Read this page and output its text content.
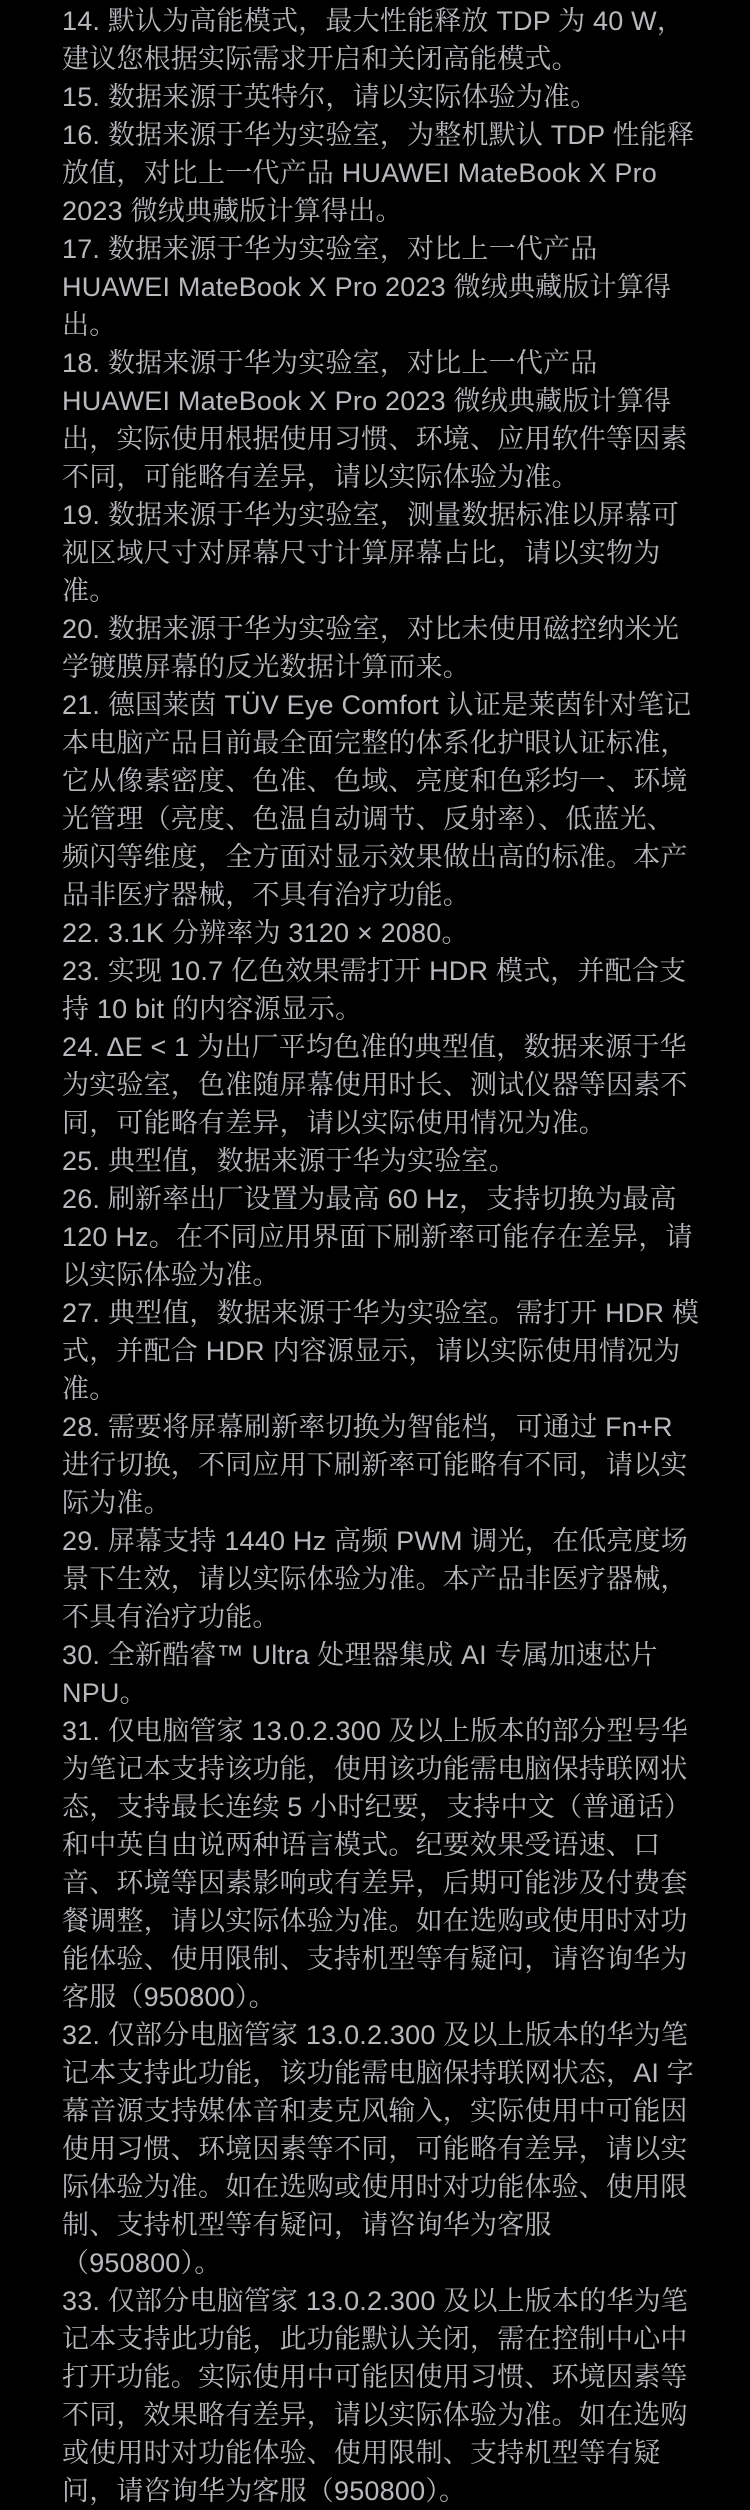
14. 默认为高能模式，最大性能释放 TDP 为 40 W，建议您根据实际需求开启和关闭高能模式。

15. 数据来源于英特尔，请以实际体验为准。

16. 数据来源于华为实验室，为整机默认 TDP 性能释放值，对比上一代产品 HUAWEI MateBook X Pro 2023 微绒典藏版计算得出。

17. 数据来源于华为实验室，对比上一代产品 HUAWEI MateBook X Pro 2023 微绒典藏版计算得出。

18. 数据来源于华为实验室，对比上一代产品 HUAWEI MateBook X Pro 2023 微绒典藏版计算得出，实际使用根据使用习惯、环境、应用软件等因素不同，可能略有差异，请以实际体验为准。

19. 数据来源于华为实验室，测量数据标准以屏幕可视区域尺寸对屏幕尺寸计算屏幕占比，请以实物为准。

20. 数据来源于华为实验室，对比未使用磁控纳米光学镀膜屏幕的反光数据计算而来。

21. 德国莱茵 TÜV Eye Comfort 认证是莱茵针对笔记本电脑产品目前最全面完整的体系化护眼认证标准，它从像素密度、色准、色域、亮度和色彩均一、环境光管理（亮度、色温自动调节、反射率）、低蓝光、频闪等维度，全方面对显示效果做出高的标准。本产品非医疗器械，不具有治疗功能。

22. 3.1K 分辨率为 3120 × 2080。

23. 实现 10.7 亿色效果需打开 HDR 模式，并配合支持 10 bit 的内容源显示。

24. ΔE < 1 为出厂平均色准的典型值，数据来源于华为实验室，色准随屏幕使用时长、测试仪器等因素不同，可能略有差异，请以实际使用情况为准。

25. 典型值，数据来源于华为实验室。

26. 刷新率出厂设置为最高 60 Hz，支持切换为最高 120 Hz。在不同应用界面下刷新率可能存在差异，请以实际体验为准。

27. 典型值，数据来源于华为实验室。需打开 HDR 模式，并配合 HDR 内容源显示，请以实际使用情况为准。

28. 需要将屏幕刷新率切换为智能档，可通过 Fn+R 进行切换，不同应用下刷新率可能略有不同，请以实际为准。

29. 屏幕支持 1440 Hz 高频 PWM 调光，在低亮度场景下生效，请以实际体验为准。本产品非医疗器械，不具有治疗功能。

30. 全新酷睿™ Ultra 处理器集成 AI 专属加速芯片 NPU。

31. 仅电脑管家 13.0.2.300 及以上版本的部分型号华为笔记本支持该功能，使用该功能需电脑保持联网状态，支持最长连续 5 小时纪要，支持中文（普通话）和中英自由说两种语言模式。纪要效果受语速、口音、环境等因素影响或有差异，后期可能涉及付费套餐调整，请以实际体验为准。如在选购或使用时对功能体验、使用限制、支持机型等有疑问，请咨询华为客服（950800）。

32. 仅部分电脑管家 13.0.2.300 及以上版本的华为笔记本支持此功能，该功能需电脑保持联网状态，AI 字幕音源支持媒体音和麦克风输入，实际使用中可能因使用习惯、环境因素等不同，可能略有差异，请以实际体验为准。如在选购或使用时对功能体验、使用限制、支持机型等有疑问，请咨询华为客服（950800）。

33. 仅部分电脑管家 13.0.2.300 及以上版本的华为笔记本支持此功能，此功能默认关闭，需在控制中心中打开功能。实际使用中可能因使用习惯、环境因素等不同，效果略有差异，请以实际体验为准。如在选购或使用时对功能体验、使用限制、支持机型等有疑问，请咨询华为客服（950800）。
